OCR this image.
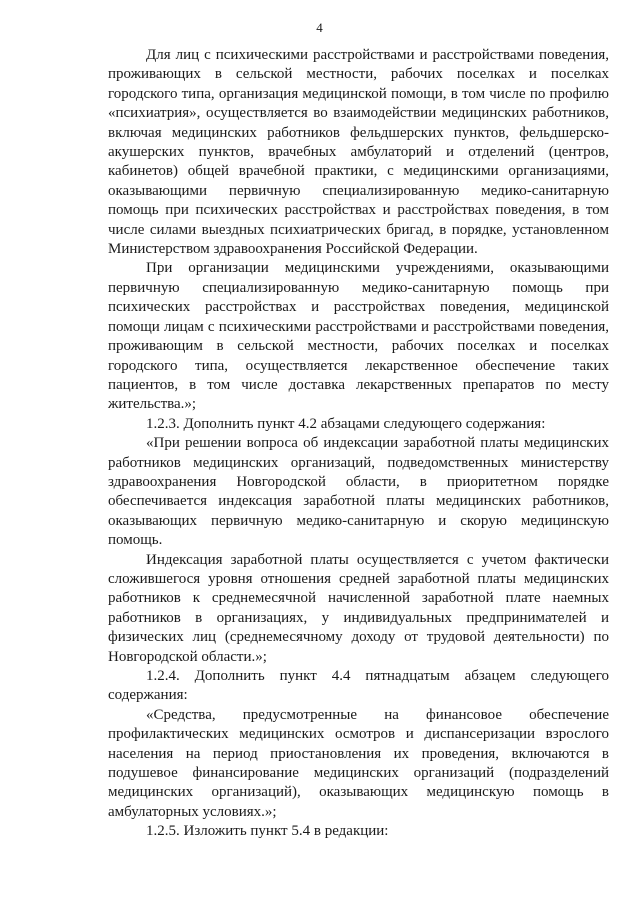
4

Для лиц с психическими расстройствами и расстройствами поведения, проживающих в сельской местности, рабочих поселках и поселках городского типа, организация медицинской помощи, в том числе по профилю «психиатрия», осуществляется во взаимодействии медицинских работников, включая медицинских работников фельдшерских пунктов, фельдшерско-акушерских пунктов, врачебных амбулаторий и отделений (центров, кабинетов) общей врачебной практики, с медицинскими организациями, оказывающими первичную специализированную медико-санитарную помощь при психических расстройствах и расстройствах поведения, в том числе силами выездных психиатрических бригад, в порядке, установленном Министерством здравоохранения Российской Федерации.

При организации медицинскими учреждениями, оказывающими первичную специализированную медико-санитарную помощь при психических расстройствах и расстройствах поведения, медицинской помощи лицам с психическими расстройствами и расстройствами поведения, проживающим в сельской местности, рабочих поселках и поселках городского типа, осуществляется лекарственное обеспечение таких пациентов, в том числе доставка лекарственных препаратов по месту жительства.»;

1.2.3. Дополнить пункт 4.2 абзацами следующего содержания:

«При решении вопроса об индексации заработной платы медицинских работников медицинских организаций, подведомственных министерству здравоохранения Новгородской области, в приоритетном порядке обеспечивается индексация заработной платы медицинских работников, оказывающих первичную медико-санитарную и скорую медицинскую помощь.

Индексация заработной платы осуществляется с учетом фактически сложившегося уровня отношения средней заработной платы медицинских работников к среднемесячной начисленной заработной плате наемных работников в организациях, у индивидуальных предпринимателей и физических лиц (среднемесячному доходу от трудовой деятельности) по Новгородской области.»;

1.2.4. Дополнить пункт 4.4 пятнадцатым абзацем следующего содержания:

«Средства, предусмотренные на финансовое обеспечение профилактических медицинских осмотров и диспансеризации взрослого населения на период приостановления их проведения, включаются в подушевое финансирование медицинских организаций (подразделений медицинских организаций), оказывающих медицинскую помощь в амбулаторных условиях.»;

1.2.5. Изложить пункт 5.4 в редакции:
